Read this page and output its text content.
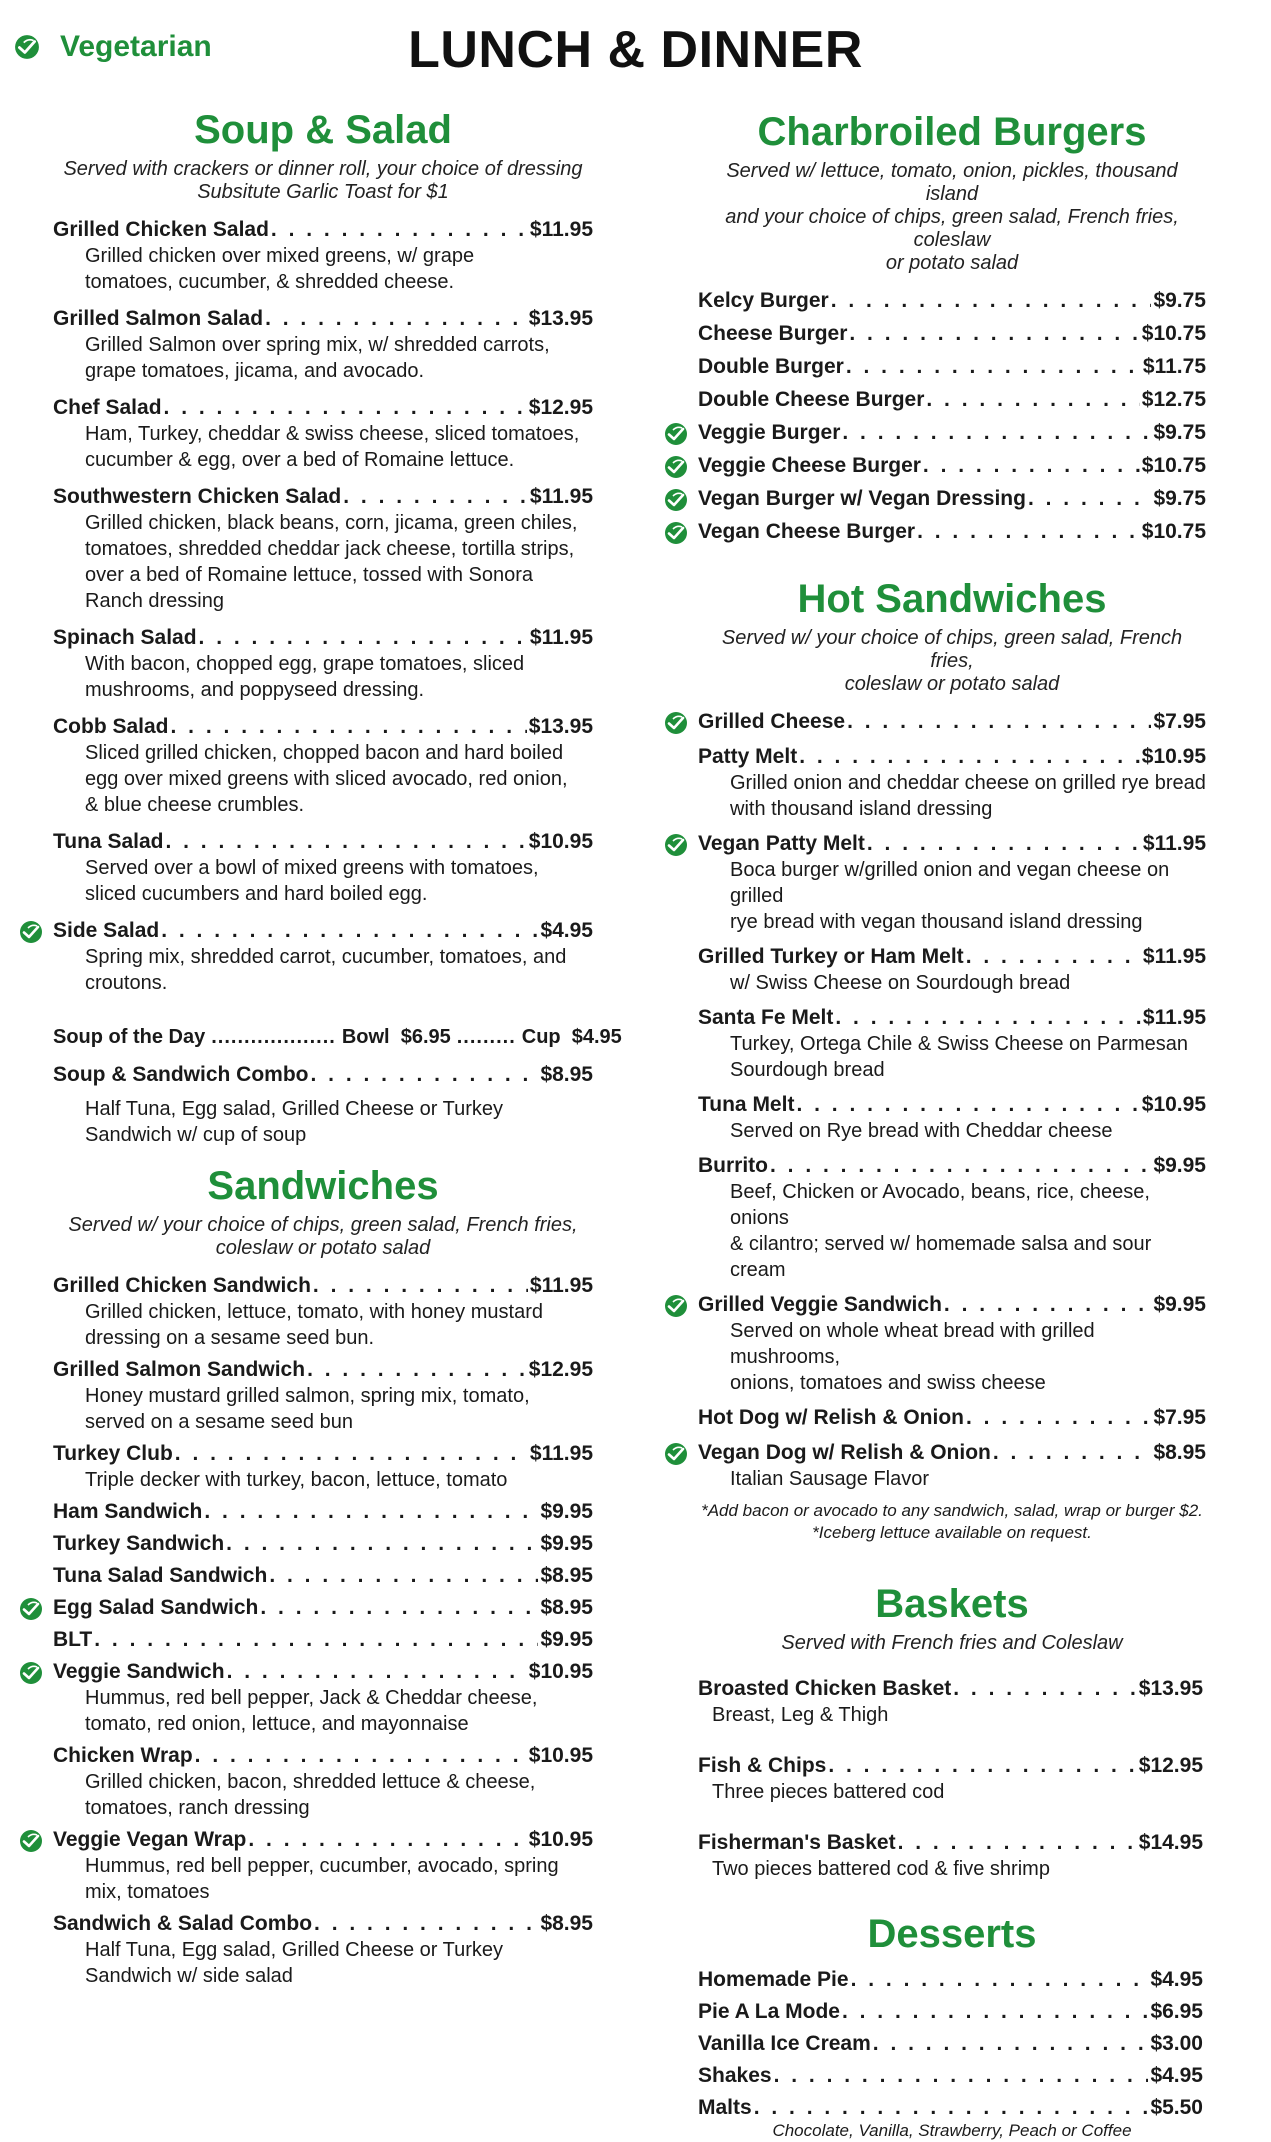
Vegetarian	LUNCH & DINNER
Soup & Salad
Served with crackers or dinner roll, your choice of dressing
Subsitute Garlic Toast for $1
Grilled Chicken Salad . . .	$11.95
Grilled chicken over mixed greens, w/ grape
tomatoes, cucumber, & shredded cheese.
Grilled Salmon Salad . . .	$13.95
Grilled Salmon over spring mix, w/ shredded carrots,
grape tomatoes, jicama, and avocado.
Chef Salad . . .	$12.95
Ham, Turkey, cheddar & swiss cheese, sliced tomatoes,
cucumber & egg, over a bed of Romaine lettuce.
Southwestern Chicken Salad . . .	$11.95
Grilled chicken, black beans, corn, jicama, green chiles,
tomatoes, shredded cheddar jack cheese, tortilla strips,
over a bed of Romaine lettuce, tossed with Sonora
Ranch dressing
Spinach Salad . . .	$11.95
With bacon, chopped egg, grape tomatoes, sliced
mushrooms, and poppyseed dressing.
Cobb Salad . . .	$13.95
Sliced grilled chicken, chopped bacon and hard boiled
egg over mixed greens with sliced avocado, red onion,
& blue cheese crumbles.
Tuna Salad . . .	$10.95
Served over a bowl of mixed greens with tomatoes,
sliced cucumbers and hard boiled egg.
Side Salad . . .	$4.95
Spring mix, shredded carrot, cucumber, tomatoes, and
croutons.
Soup of the Day ................... Bowl  $6.95 ......... Cup  $4.95
Soup & Sandwich Combo . . .	$8.95
Half Tuna, Egg salad, Grilled Cheese or Turkey
Sandwich w/ cup of soup
Sandwiches
Served w/ your choice of chips, green salad, French fries,
coleslaw or potato salad
Grilled Chicken Sandwich . . .	$11.95
Grilled chicken, lettuce, tomato, with honey mustard
dressing on a sesame seed bun.
Grilled Salmon Sandwich . . .	$12.95
Honey mustard grilled salmon, spring mix, tomato,
served on a sesame seed bun
Turkey Club . . .	$11.95
Triple decker with turkey, bacon, lettuce, tomato
Ham Sandwich . . .	$9.95
Turkey Sandwich . . .	$9.95
Tuna Salad Sandwich . . .	$8.95
Egg Salad Sandwich . . .	$8.95
BLT . . .	$9.95
Veggie Sandwich . . .	$10.95
Hummus, red bell pepper, Jack & Cheddar cheese,
tomato, red onion, lettuce, and mayonnaise
Chicken Wrap . . .	$10.95
Grilled chicken, bacon, shredded lettuce & cheese,
tomatoes, ranch dressing
Veggie Vegan Wrap . . .	$10.95
Hummus, red bell pepper, cucumber, avocado, spring
mix, tomatoes
Sandwich & Salad Combo . . .	$8.95
Half Tuna, Egg salad, Grilled Cheese or Turkey
Sandwich w/ side salad
Charbroiled Burgers
Served w/ lettuce, tomato, onion, pickles, thousand island
and your choice of chips, green salad, French fries, coleslaw
or potato salad
Kelcy Burger . . .	$9.75
Cheese Burger . . .	$10.75
Double Burger . . .	$11.75
Double Cheese Burger . . .	$12.75
Veggie Burger . . .	$9.75
Veggie Cheese Burger . . .	$10.75
Vegan Burger w/ Vegan Dressing . . .	$9.75
Vegan Cheese Burger . . .	$10.75
Hot Sandwiches
Served w/ your choice of chips, green salad, French fries,
coleslaw or potato salad
Grilled Cheese . . .	$7.95
Patty Melt . . .	$10.95
Grilled onion and cheddar cheese on grilled rye bread
with thousand island dressing
Vegan Patty Melt . . .	$11.95
Boca burger w/grilled onion and vegan cheese on grilled
rye bread with vegan thousand island dressing
Grilled Turkey or Ham Melt . . .	$11.95
w/ Swiss Cheese on Sourdough bread
Santa Fe Melt . . .	$11.95
Turkey, Ortega Chile & Swiss Cheese on Parmesan
Sourdough bread
Tuna Melt . . .	$10.95
Served on Rye bread with Cheddar cheese
Burrito . . .	$9.95
Beef, Chicken or Avocado, beans, rice, cheese, onions
& cilantro; served w/ homemade salsa and sour cream
Grilled Veggie Sandwich . . .	$9.95
Served on whole wheat bread with grilled mushrooms,
onions, tomatoes and swiss cheese
Hot Dog w/ Relish & Onion . . .	$7.95
Vegan Dog w/ Relish & Onion . . .	$8.95
Italian Sausage Flavor
*Add bacon or avocado to any sandwich, salad, wrap or burger $2.
*Iceberg lettuce available on request.
Baskets
Served with French fries and Coleslaw
Broasted Chicken Basket . . .	$13.95
Breast, Leg & Thigh
Fish & Chips . . .	$12.95
Three pieces battered cod
Fisherman's Basket . . .	$14.95
Two pieces battered cod & five shrimp
Desserts
Homemade Pie . . .	$4.95
Pie A La Mode . . .	$6.95
Vanilla Ice Cream . . .	$3.00
Shakes . . .	$4.95
Malts . . .	$5.50
Chocolate, Vanilla, Strawberry, Peach or Coffee
